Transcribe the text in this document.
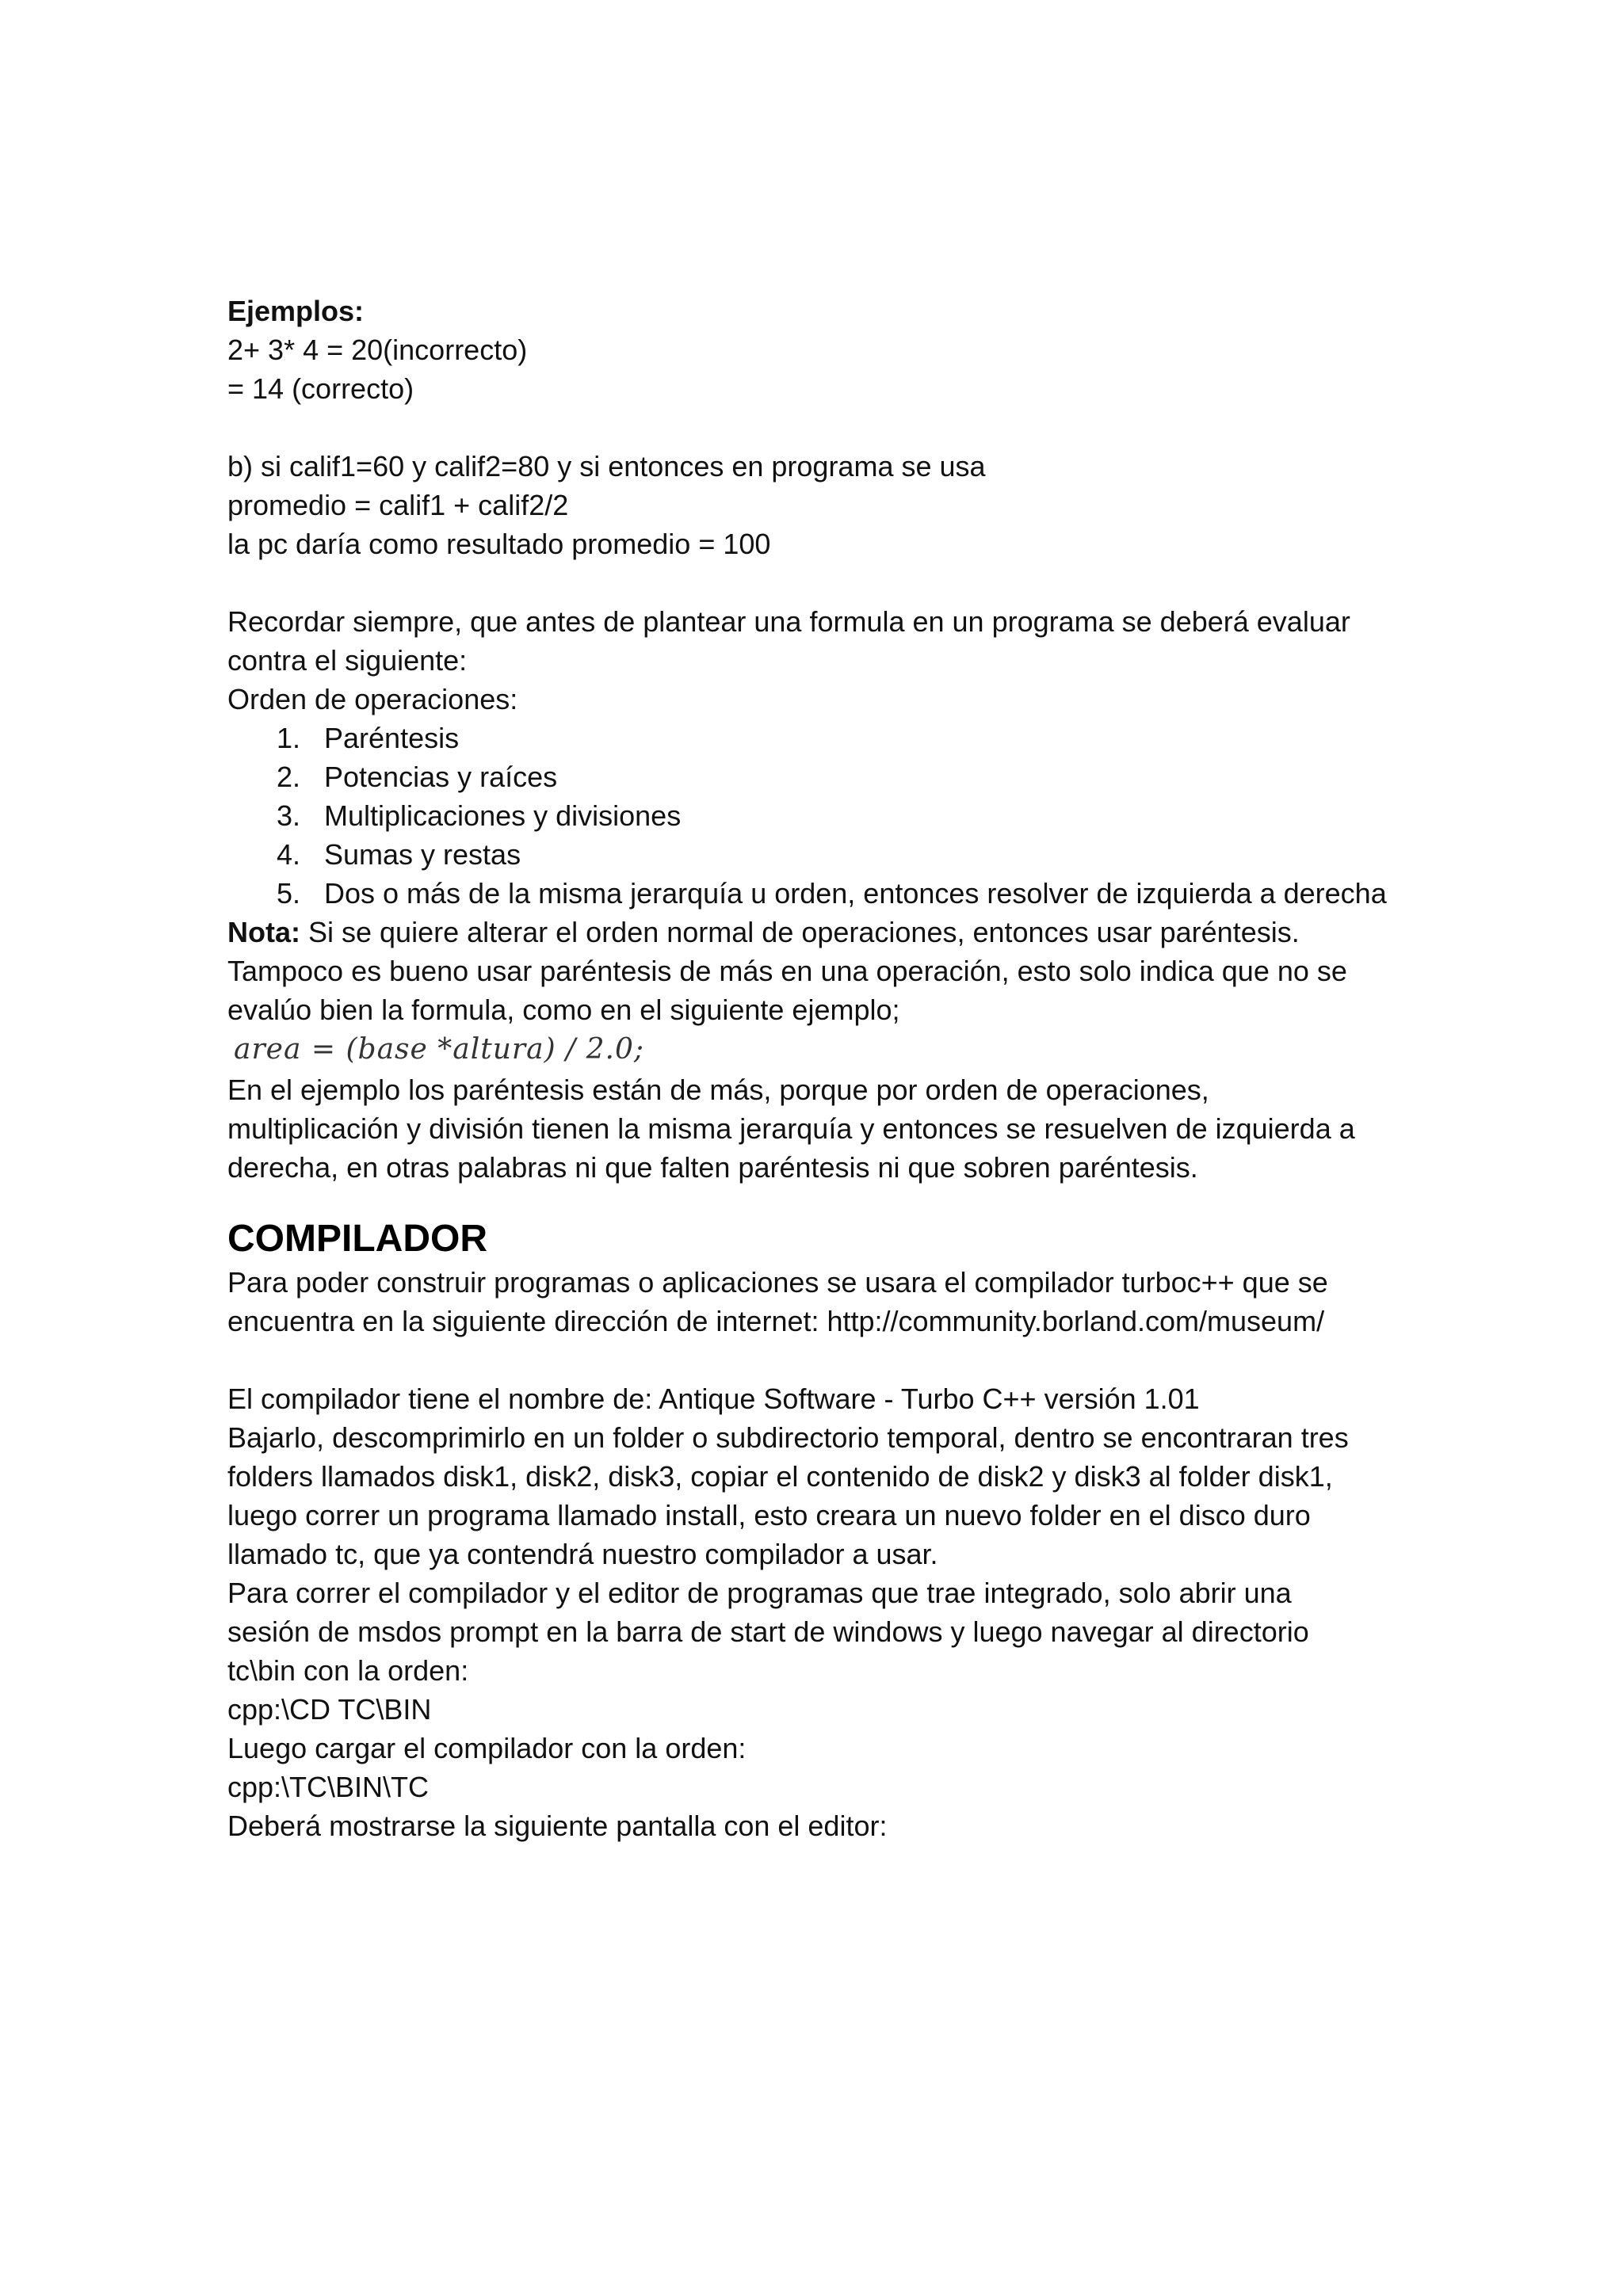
Ejemplos:
2+ 3* 4 = 20(incorrecto)
= 14 (correcto)
b) si calif1=60 y calif2=80 y si entonces en programa se usa
promedio = calif1 + calif2/2
la pc daría como resultado promedio = 100
Recordar siempre, que antes de plantear una formula en un programa se deberá evaluar
contra el siguiente:
Orden de operaciones:
Paréntesis
Potencias y raíces
Multiplicaciones y divisiones
Sumas y restas
Dos o más de la misma jerarquía u orden, entonces resolver de izquierda a derecha
Nota: Si se quiere alterar el orden normal de operaciones, entonces usar paréntesis.
Tampoco es bueno usar paréntesis de más en una operación, esto solo indica que no se
evalúo bien la formula, como en el siguiente ejemplo;
area = (base *altura) / 2.0;
En el ejemplo los paréntesis están de más, porque por orden de operaciones,
multiplicación y división tienen la misma jerarquía y entonces se resuelven de izquierda a
derecha, en otras palabras ni que falten paréntesis ni que sobren paréntesis.
COMPILADOR
Para poder construir programas o aplicaciones se usara el compilador turboc++ que se
encuentra en la siguiente dirección de internet: http://community.borland.com/museum/
El compilador tiene el nombre de: Antique Software - Turbo C++ versión 1.01
Bajarlo, descomprimirlo en un folder o subdirectorio temporal, dentro se encontraran tres
folders llamados disk1, disk2, disk3, copiar el contenido de disk2 y disk3 al folder disk1,
luego correr un programa llamado install, esto creara un nuevo folder en el disco duro
llamado tc, que ya contendrá nuestro compilador a usar.
Para correr el compilador y el editor de programas que trae integrado, solo abrir una
sesión de msdos prompt en la barra de start de windows y luego navegar al directorio
tc\bin con la orden:
cpp:\CD TC\BIN
Luego cargar el compilador con la orden:
cpp:\TC\BIN\TC
Deberá mostrarse la siguiente pantalla con el editor:
